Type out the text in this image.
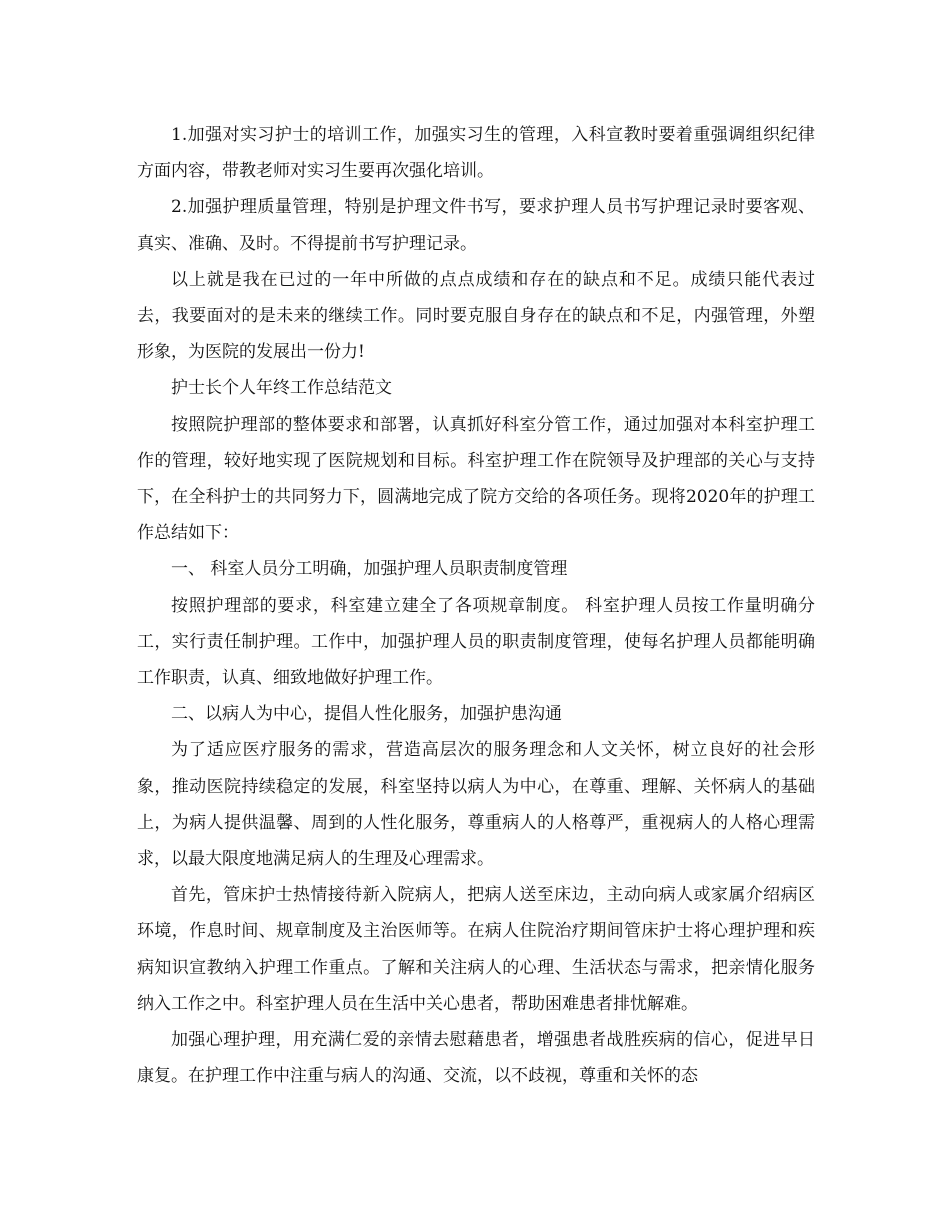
1.加强对实习护士的培训工作，加强实习生的管理，入科宣教时要着重强调组织纪律方面内容，带教老师对实习生要再次强化培训。

2.加强护理质量管理，特别是护理文件书写，要求护理人员书写护理记录时要客观、真实、准确、及时。不得提前书写护理记录。

以上就是我在已过的一年中所做的点点成绩和存在的缺点和不足。成绩只能代表过去，我要面对的是未来的继续工作。同时要克服自身存在的缺点和不足，内强管理，外塑形象，为医院的发展出一份力!

护士长个人年终工作总结范文

按照院护理部的整体要求和部署，认真抓好科室分管工作，通过加强对本科室护理工作的管理，较好地实现了医院规划和目标。科室护理工作在院领导及护理部的关心与支持下，在全科护士的共同努力下，圆满地完成了院方交给的各项任务。现将2020年的护理工作总结如下：

一、 科室人员分工明确，加强护理人员职责制度管理

按照护理部的要求，科室建立建全了各项规章制度。 科室护理人员按工作量明确分工，实行责任制护理。工作中，加强护理人员的职责制度管理，使每名护理人员都能明确工作职责，认真、细致地做好护理工作。

二、以病人为中心，提倡人性化服务，加强护患沟通

为了适应医疗服务的需求，营造高层次的服务理念和人文关怀，树立良好的社会形象，推动医院持续稳定的发展，科室坚持以病人为中心，在尊重、理解、关怀病人的基础上，为病人提供温馨、周到的人性化服务，尊重病人的人格尊严，重视病人的人格心理需求，以最大限度地满足病人的生理及心理需求。

首先，管床护士热情接待新入院病人，把病人送至床边，主动向病人或家属介绍病区环境，作息时间、规章制度及主治医师等。在病人住院治疗期间管床护士将心理护理和疾病知识宣教纳入护理工作重点。了解和关注病人的心理、生活状态与需求，把亲情化服务纳入工作之中。科室护理人员在生活中关心患者，帮助困难患者排忧解难。

加强心理护理，用充满仁爱的亲情去慰藉患者，增强患者战胜疾病的信心，促进早日康复。在护理工作中注重与病人的沟通、交流，以不歧视，尊重和关怀的态
